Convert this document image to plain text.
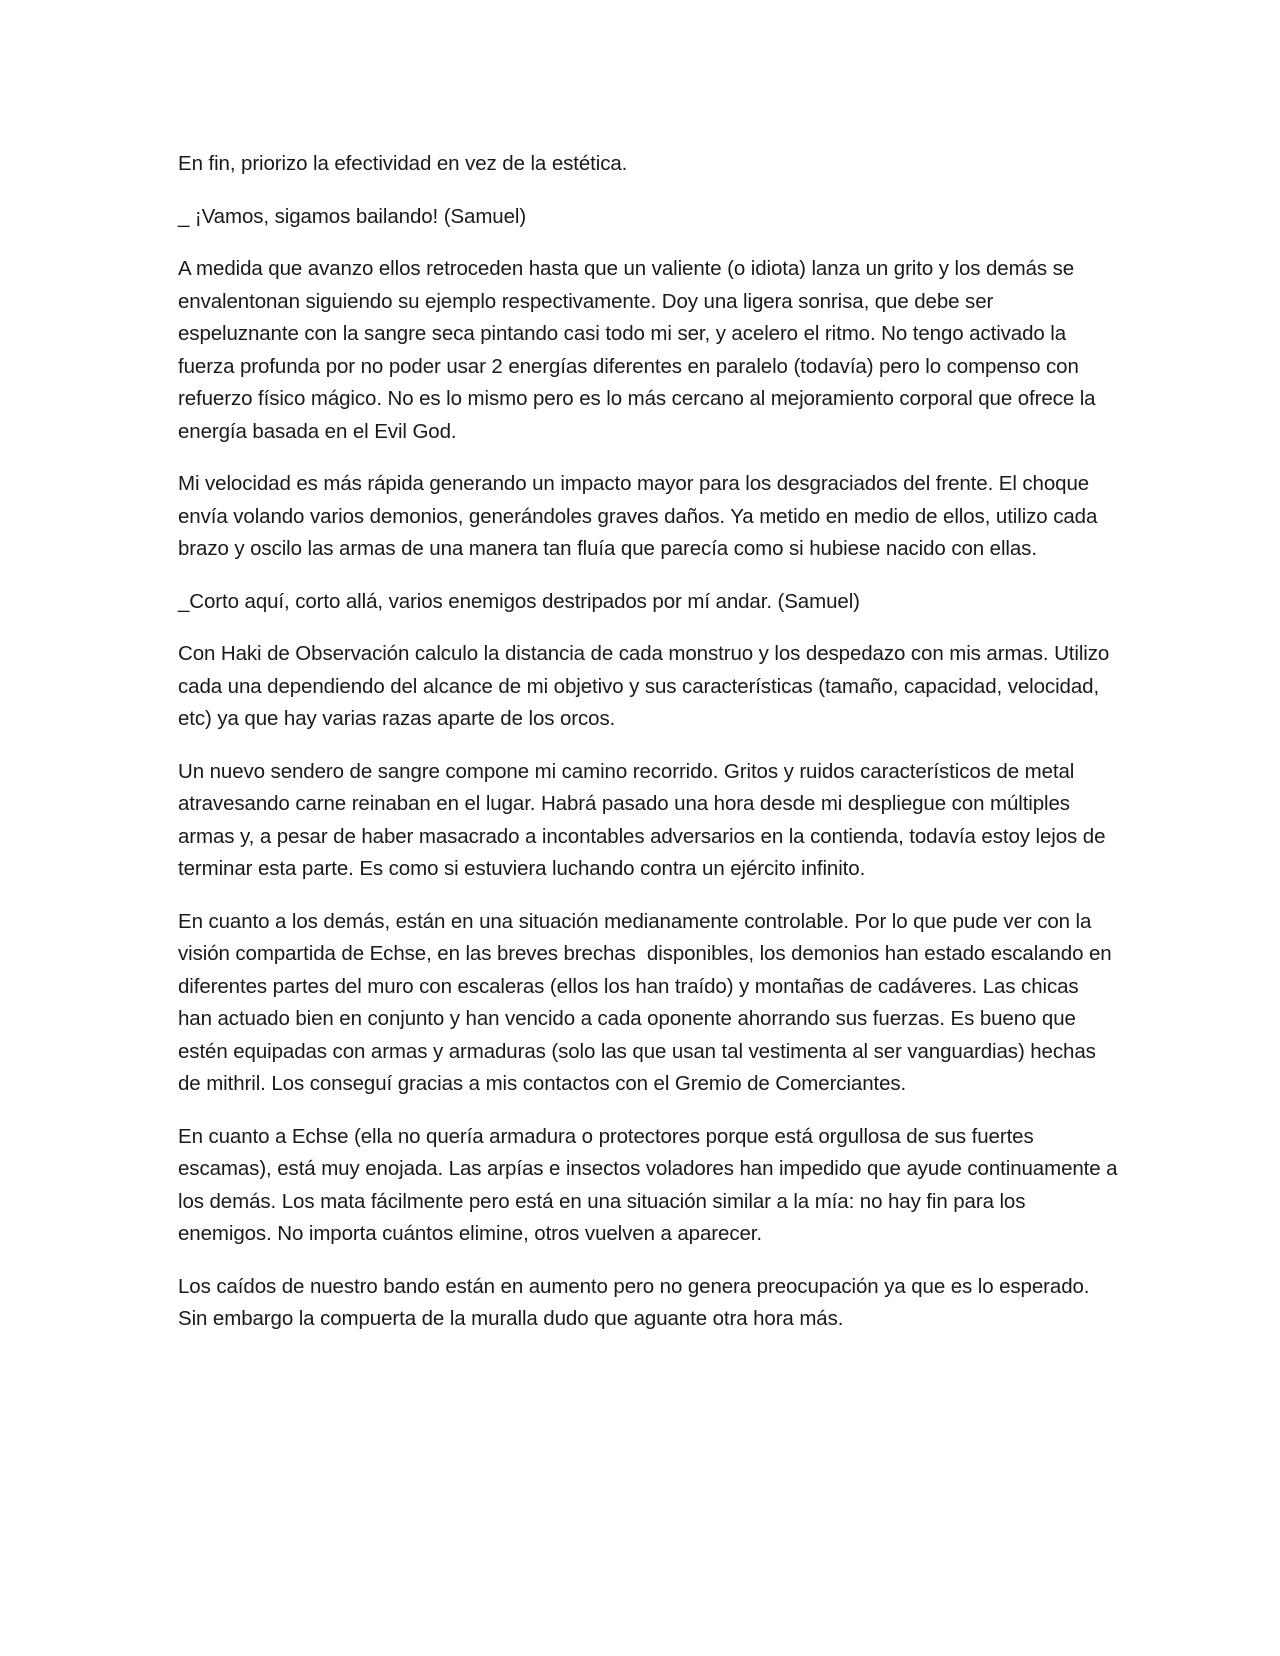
En fin, priorizo la efectividad en vez de la estética.

_ ¡Vamos, sigamos bailando! (Samuel)

A medida que avanzo ellos retroceden hasta que un valiente (o idiota) lanza un grito y los demás se envalentonan siguiendo su ejemplo respectivamente. Doy una ligera sonrisa, que debe ser espeluznante con la sangre seca pintando casi todo mi ser, y acelero el ritmo. No tengo activado la fuerza profunda por no poder usar 2 energías diferentes en paralelo (todavía) pero lo compenso con refuerzo físico mágico. No es lo mismo pero es lo más cercano al mejoramiento corporal que ofrece la energía basada en el Evil God.

Mi velocidad es más rápida generando un impacto mayor para los desgraciados del frente. El choque envía volando varios demonios, generándoles graves daños. Ya metido en medio de ellos, utilizo cada brazo y oscilo las armas de una manera tan fluía que parecía como si hubiese nacido con ellas.

_Corto aquí, corto allá, varios enemigos destripados por mí andar. (Samuel)

Con Haki de Observación calculo la distancia de cada monstruo y los despedazo con mis armas. Utilizo cada una dependiendo del alcance de mi objetivo y sus características (tamaño, capacidad, velocidad, etc) ya que hay varias razas aparte de los orcos.

Un nuevo sendero de sangre compone mi camino recorrido. Gritos y ruidos característicos de metal atravesando carne reinaban en el lugar. Habrá pasado una hora desde mi despliegue con múltiples armas y, a pesar de haber masacrado a incontables adversarios en la contienda, todavía estoy lejos de terminar esta parte. Es como si estuviera luchando contra un ejército infinito.

En cuanto a los demás, están en una situación medianamente controlable. Por lo que pude ver con la visión compartida de Echse, en las breves brechas  disponibles, los demonios han estado escalando en diferentes partes del muro con escaleras (ellos los han traído) y montañas de cadáveres. Las chicas han actuado bien en conjunto y han vencido a cada oponente ahorrando sus fuerzas. Es bueno que estén equipadas con armas y armaduras (solo las que usan tal vestimenta al ser vanguardias) hechas de mithril. Los conseguí gracias a mis contactos con el Gremio de Comerciantes.

En cuanto a Echse (ella no quería armadura o protectores porque está orgullosa de sus fuertes escamas), está muy enojada. Las arpías e insectos voladores han impedido que ayude continuamente a los demás. Los mata fácilmente pero está en una situación similar a la mía: no hay fin para los enemigos. No importa cuántos elimine, otros vuelven a aparecer.

Los caídos de nuestro bando están en aumento pero no genera preocupación ya que es lo esperado. Sin embargo la compuerta de la muralla dudo que aguante otra hora más.
